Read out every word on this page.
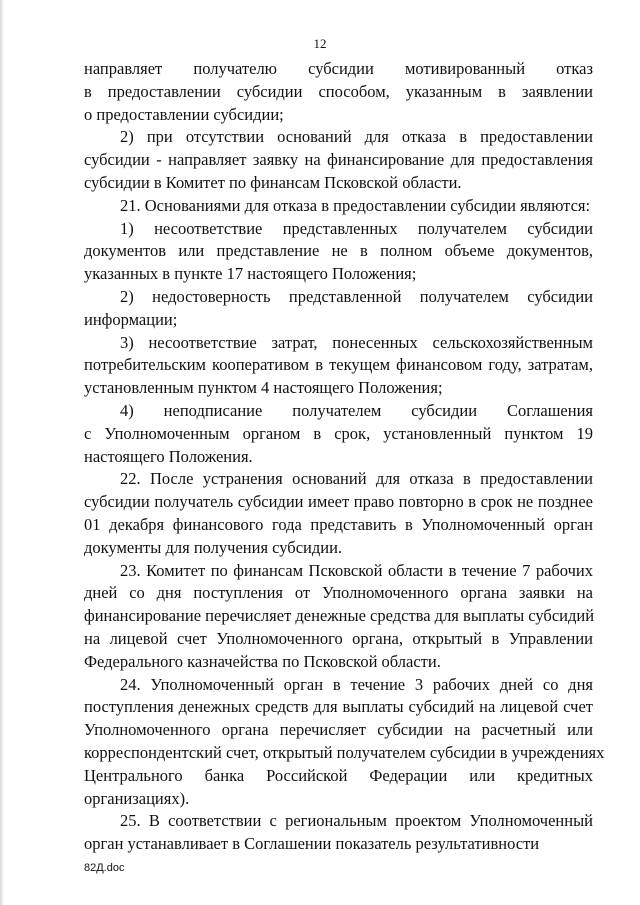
12
направляет получателю субсидии мотивированный отказ
в предоставлении субсидии способом, указанным в заявлении
о предоставлении субсидии;
2) при отсутствии оснований для отказа в предоставлении
субсидии - направляет заявку на финансирование для предоставления
субсидии в Комитет по финансам Псковской области.
21. Основаниями для отказа в предоставлении субсидии являются:
1) несоответствие представленных получателем субсидии
документов или представление не в полном объеме документов,
указанных в пункте 17 настоящего Положения;
2) недостоверность представленной получателем субсидии
информации;
3) несоответствие затрат, понесенных сельскохозяйственным
потребительским кооперативом в текущем финансовом году, затратам,
установленным пунктом 4 настоящего Положения;
4) неподписание получателем субсидии Соглашения
с Уполномоченным органом в срок, установленный пунктом 19
настоящего Положения.
22. После устранения оснований для отказа в предоставлении
субсидии получатель субсидии имеет право повторно в срок не позднее
01 декабря финансового года представить в Уполномоченный орган
документы для получения субсидии.
23. Комитет по финансам Псковской области в течение 7 рабочих
дней со дня поступления от Уполномоченного органа заявки на
финансирование перечисляет денежные средства для выплаты субсидий
на лицевой счет Уполномоченного органа, открытый в Управлении
Федерального казначейства по Псковской области.
24. Уполномоченный орган в течение 3 рабочих дней со дня
поступления денежных средств для выплаты субсидий на лицевой счет
Уполномоченного органа перечисляет субсидии на расчетный или
корреспондентский счет, открытый получателем субсидии в учреждениях
Центрального банка Российской Федерации или кредитных
организациях).
25. В соответствии с региональным проектом Уполномоченный
орган устанавливает в Соглашении показатель результативности
82Д.doc
